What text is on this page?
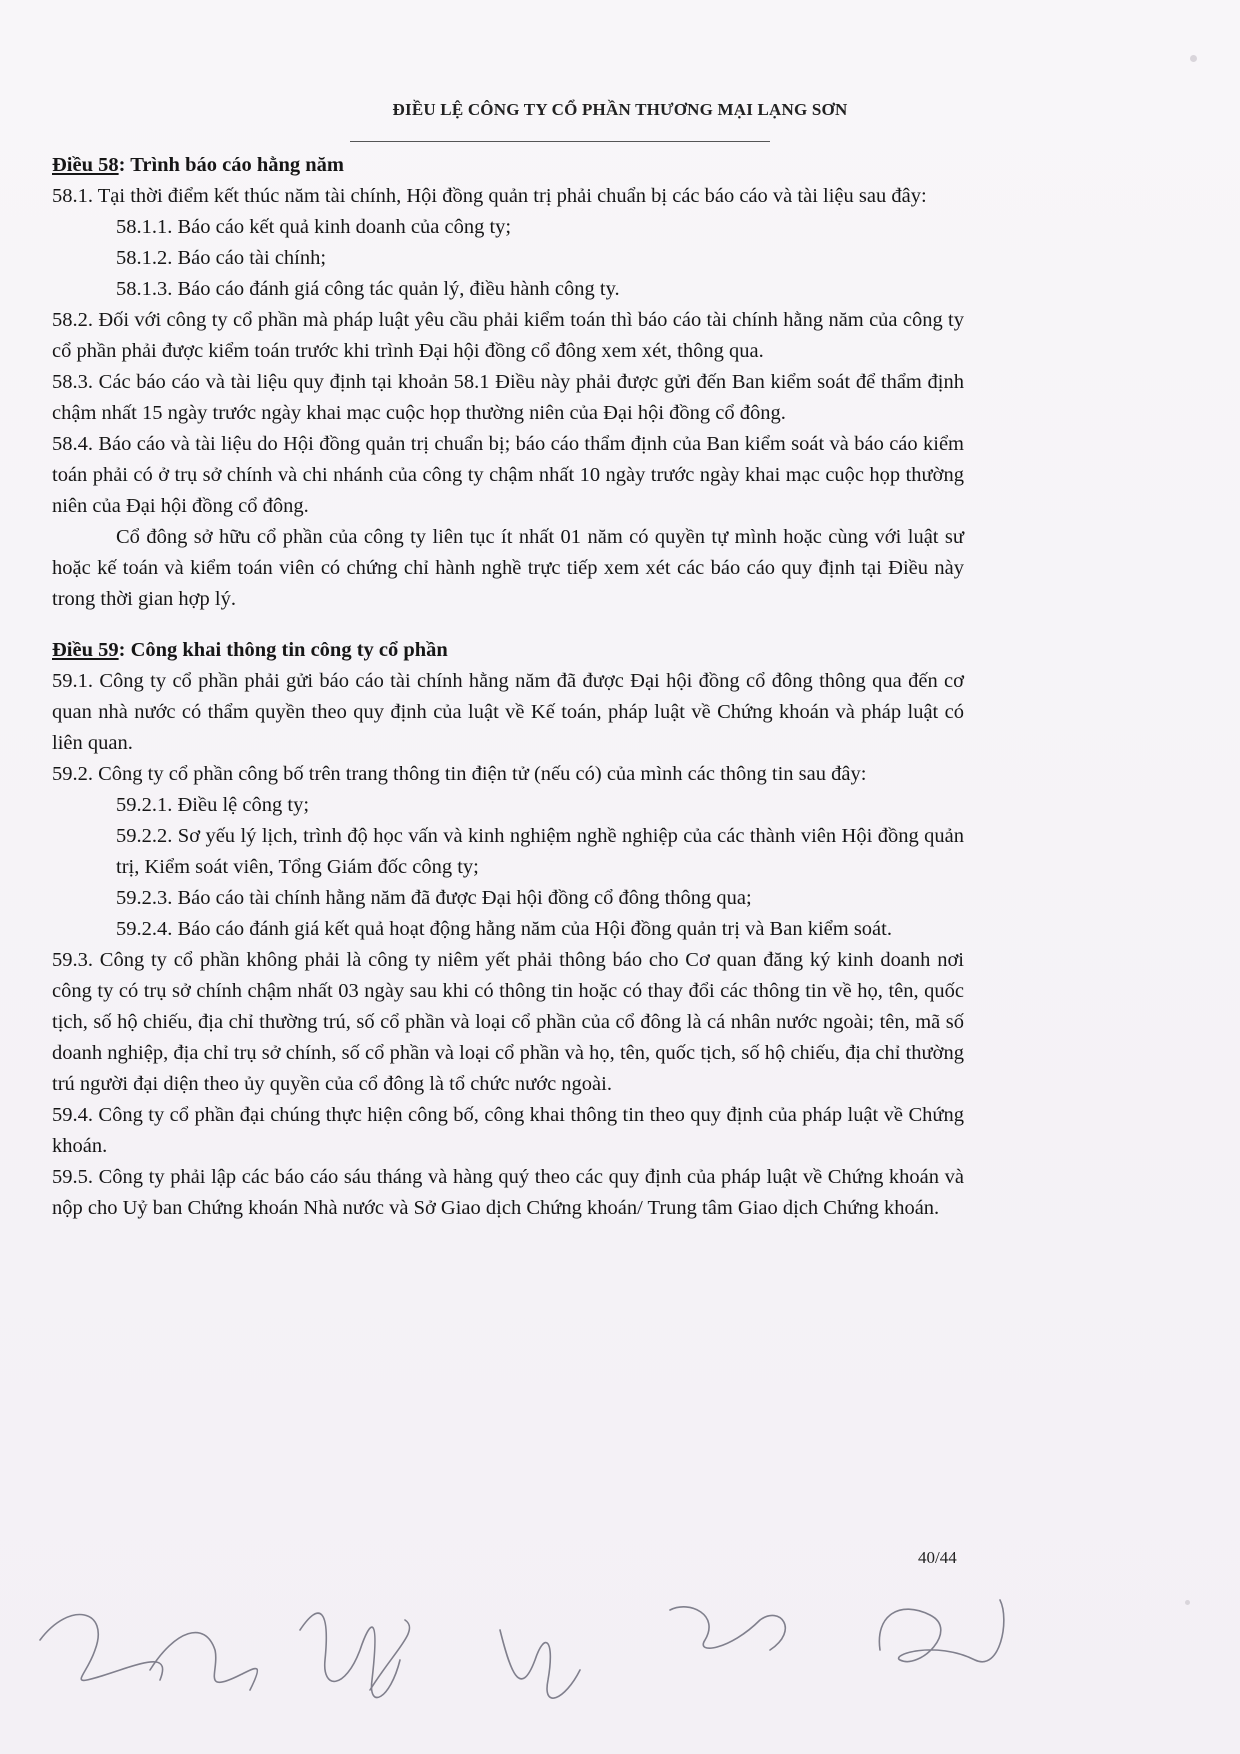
ĐIỀU LỆ CÔNG TY CỔ PHẦN THƯƠNG MẠI LẠNG SƠN

Điều 58: Trình báo cáo hằng năm

58.1. Tại thời điểm kết thúc năm tài chính, Hội đồng quản trị phải chuẩn bị các báo cáo và tài liệu sau đây:

58.1.1. Báo cáo kết quả kinh doanh của công ty;

58.1.2. Báo cáo tài chính;

58.1.3. Báo cáo đánh giá công tác quản lý, điều hành công ty.

58.2. Đối với công ty cổ phần mà pháp luật yêu cầu phải kiểm toán thì báo cáo tài chính hằng năm của công ty cổ phần phải được kiểm toán trước khi trình Đại hội đồng cổ đông xem xét, thông qua.

58.3. Các báo cáo và tài liệu quy định tại khoản 58.1 Điều này phải được gửi đến Ban kiểm soát để thẩm định chậm nhất 15 ngày trước ngày khai mạc cuộc họp thường niên của Đại hội đồng cổ đông.

58.4. Báo cáo và tài liệu do Hội đồng quản trị chuẩn bị; báo cáo thẩm định của Ban kiểm soát và báo cáo kiểm toán phải có ở trụ sở chính và chi nhánh của công ty chậm nhất 10 ngày trước ngày khai mạc cuộc họp thường niên của Đại hội đồng cổ đông.

Cổ đông sở hữu cổ phần của công ty liên tục ít nhất 01 năm có quyền tự mình hoặc cùng với luật sư hoặc kế toán và kiểm toán viên có chứng chỉ hành nghề trực tiếp xem xét các báo cáo quy định tại Điều này trong thời gian hợp lý.

Điều 59: Công khai thông tin công ty cổ phần

59.1. Công ty cổ phần phải gửi báo cáo tài chính hằng năm đã được Đại hội đồng cổ đông thông qua đến cơ quan nhà nước có thẩm quyền theo quy định của luật về Kế toán, pháp luật về Chứng khoán và pháp luật có liên quan.

59.2. Công ty cổ phần công bố trên trang thông tin điện tử (nếu có) của mình các thông tin sau đây:

59.2.1. Điều lệ công ty;

59.2.2. Sơ yếu lý lịch, trình độ học vấn và kinh nghiệm nghề nghiệp của các thành viên Hội đồng quản trị, Kiểm soát viên, Tổng Giám đốc công ty;

59.2.3. Báo cáo tài chính hằng năm đã được Đại hội đồng cổ đông thông qua;

59.2.4. Báo cáo đánh giá kết quả hoạt động hằng năm của Hội đồng quản trị và Ban kiểm soát.

59.3. Công ty cổ phần không phải là công ty niêm yết phải thông báo cho Cơ quan đăng ký kinh doanh nơi công ty có trụ sở chính chậm nhất 03 ngày sau khi có thông tin hoặc có thay đổi các thông tin về họ, tên, quốc tịch, số hộ chiếu, địa chỉ thường trú, số cổ phần và loại cổ phần của cổ đông là cá nhân nước ngoài; tên, mã số doanh nghiệp, địa chỉ trụ sở chính, số cổ phần và loại cổ phần và họ, tên, quốc tịch, số hộ chiếu, địa chỉ thường trú người đại diện theo ủy quyền của cổ đông là tổ chức nước ngoài.

59.4. Công ty cổ phần đại chúng thực hiện công bố, công khai thông tin theo quy định của pháp luật về Chứng khoán.

59.5. Công ty phải lập các báo cáo sáu tháng và hàng quý theo các quy định của pháp luật về Chứng khoán và nộp cho Uỷ ban Chứng khoán Nhà nước và Sở Giao dịch Chứng khoán/ Trung tâm Giao dịch Chứng khoán.

40/44
